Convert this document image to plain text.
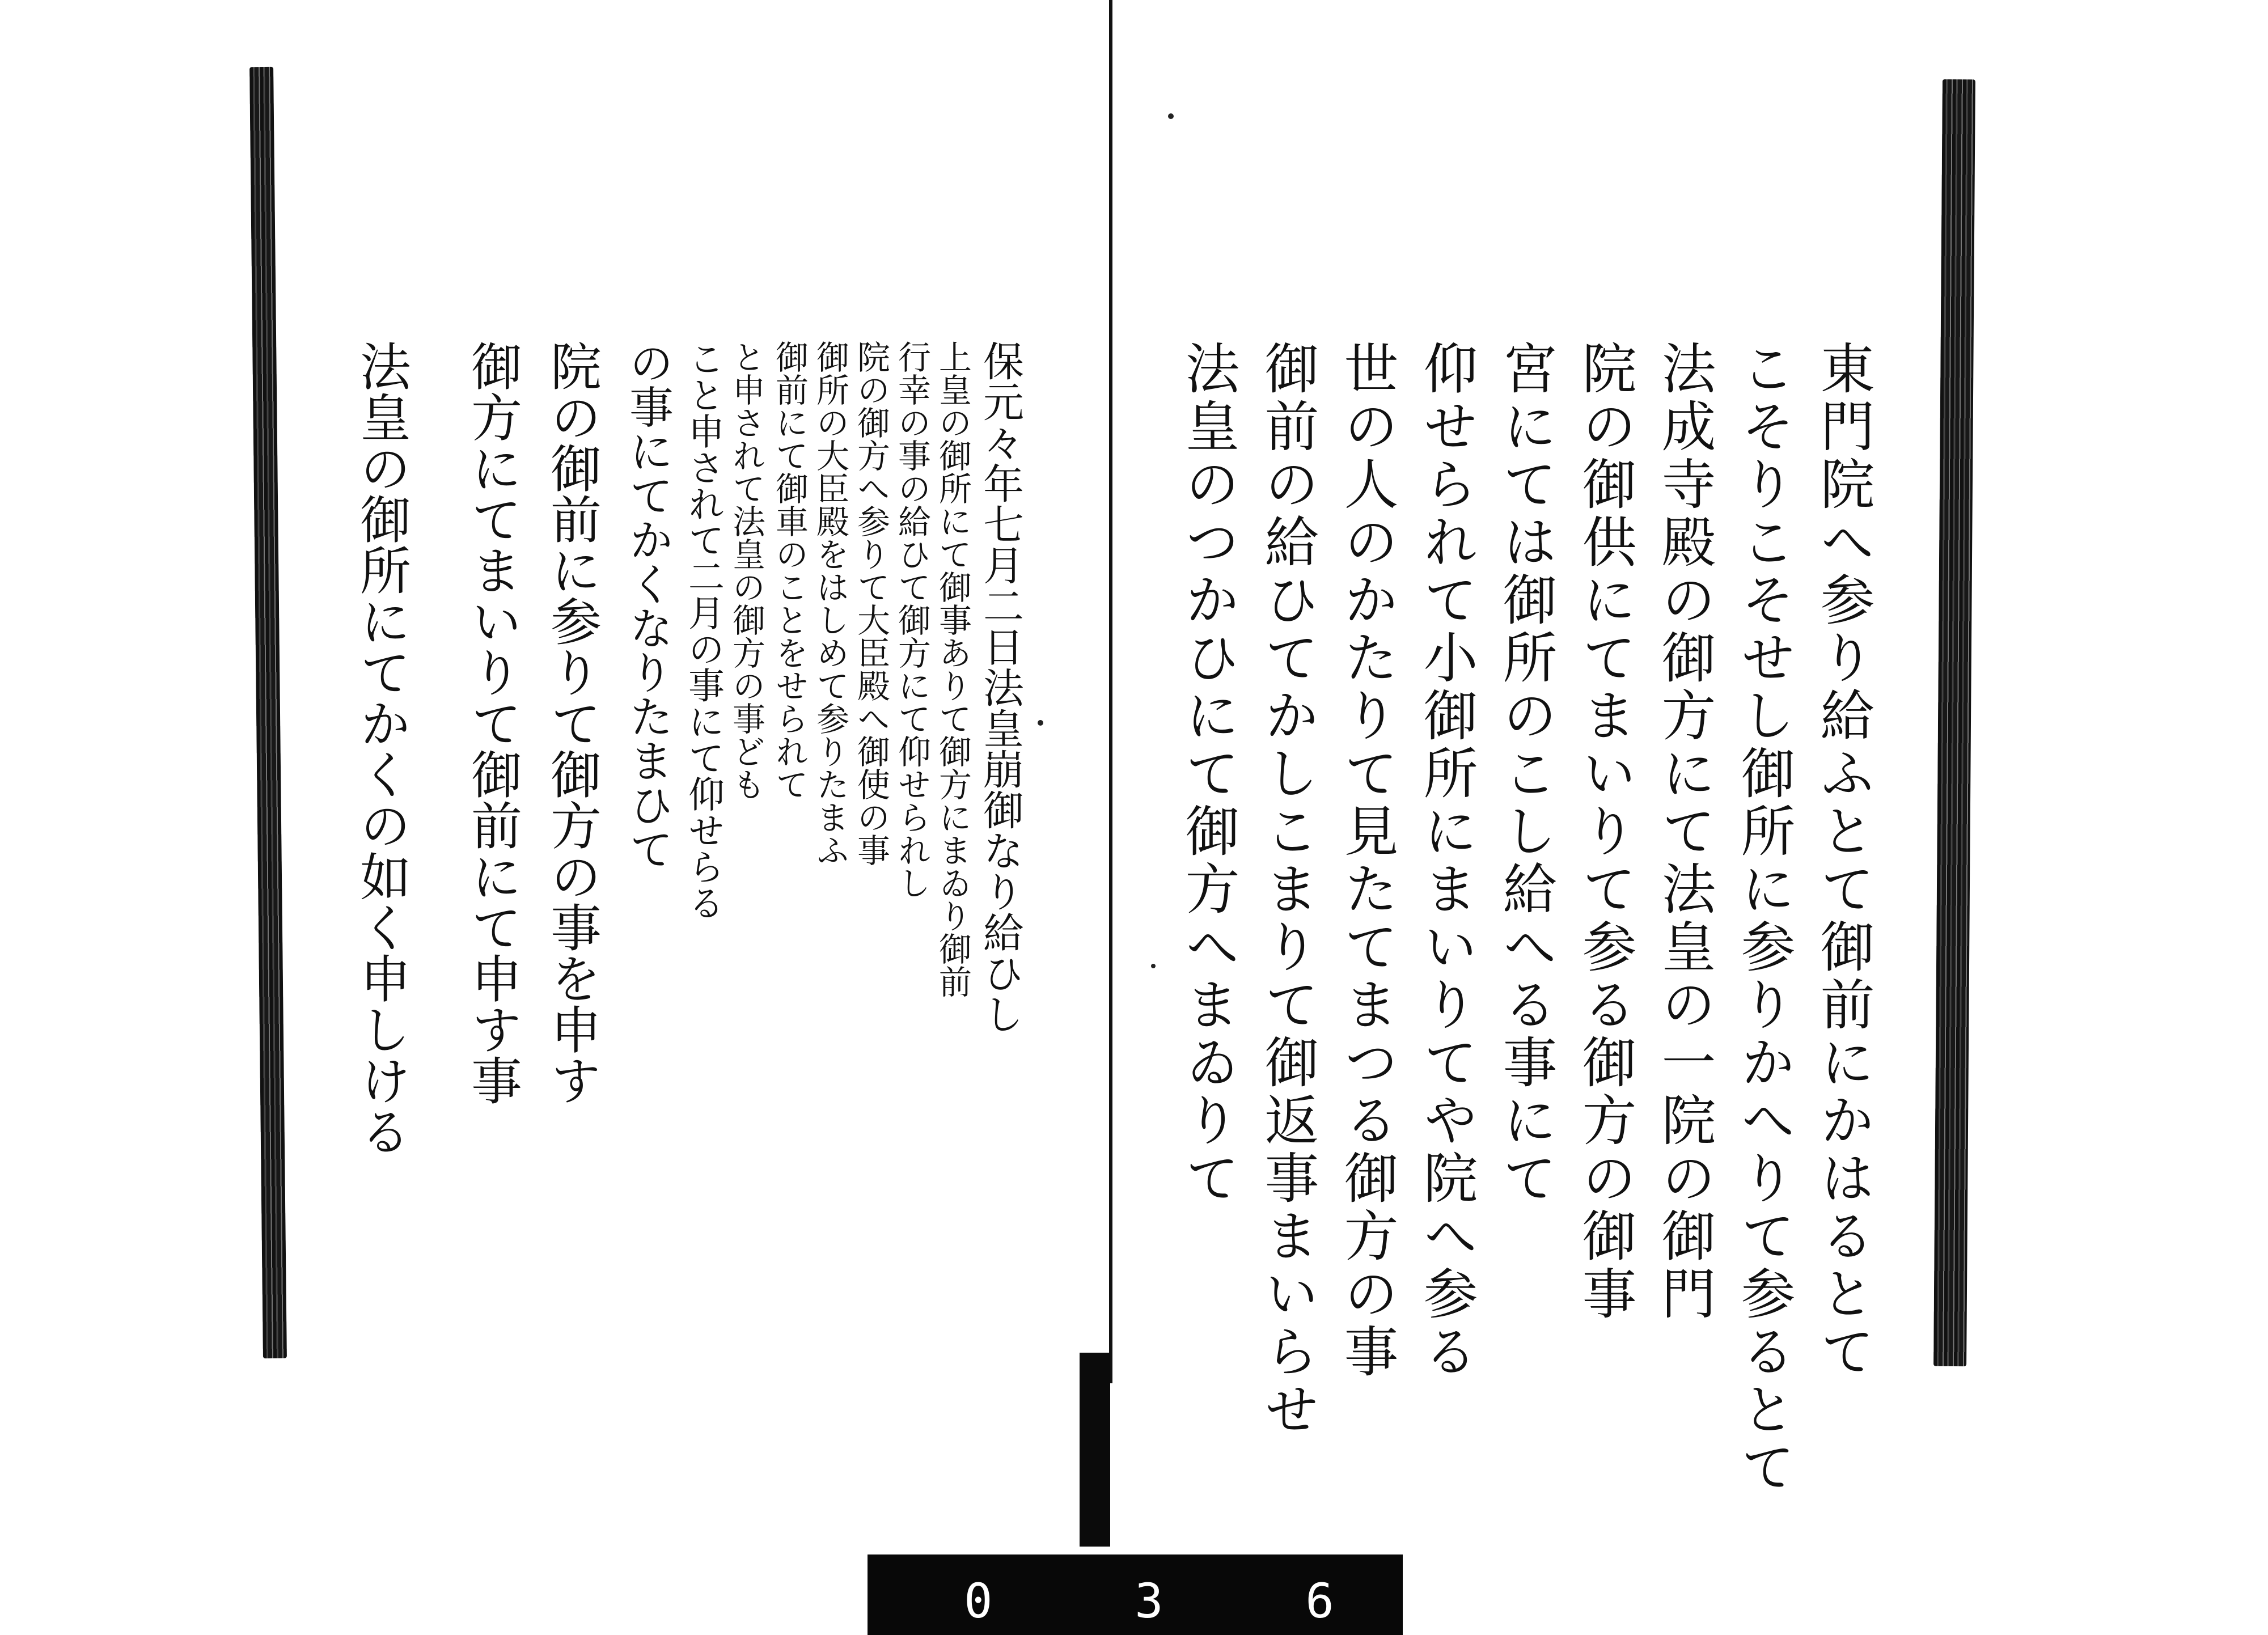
東門院へ参り給ふとて御前にかはるとて
こそりこそせし御所に参りかへりて参るとて
法成寺殿の御方にて法皇の一院の御門
院の御供にてまいりて参る御方の御事
宮にては御所のこし給へる事にて
仰せられて小御所にまいりてや院へ参る
世の人のかたりて見たてまつる御方の事
御前の給ひてかしこまりて御返事まいらせ
法皇のつかひにて御方へまゐりて
保元々年七月二日法皇崩御なり給ひし
上皇の御所にて御事ありて御方にまゐり御前
行幸の事の給ひて御方にて仰せられし
院の御方へ参りて大臣殿へ御使の事
御所の大臣殿をはしめて参りたまふ
御前にて御車のことをせられて
と申されて法皇の御方の事ども
こと申されて二月の事にて仰せらる
の事にてかくなりたまひて
院の御前に参りて御方の事を申す
御方にてまいりて御前にて申す事
法皇の御所にてかくの如く申しける
0 3 6 1
